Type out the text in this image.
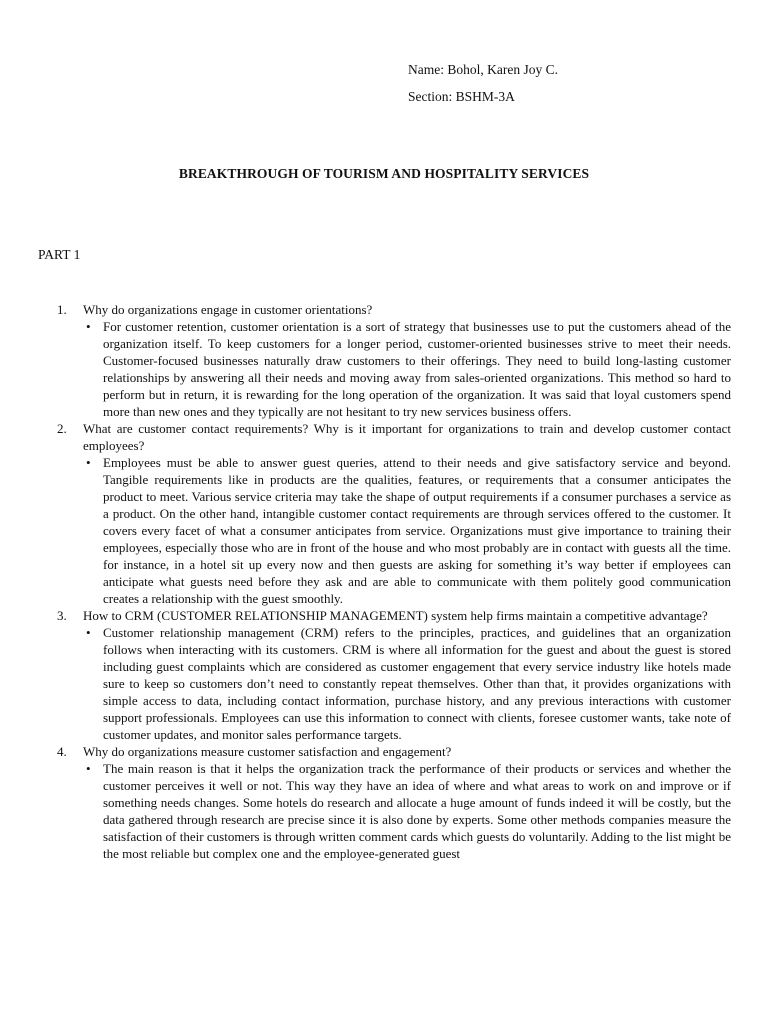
Name: Bohol, Karen Joy C.
Section: BSHM-3A
BREAKTHROUGH OF TOURISM AND HOSPITALITY SERVICES
PART 1
1. Why do organizations engage in customer orientations?
• For customer retention, customer orientation is a sort of strategy that businesses use to put the customers ahead of the organization itself. To keep customers for a longer period, customer-oriented businesses strive to meet their needs. Customer-focused businesses naturally draw customers to their offerings. They need to build long-lasting customer relationships by answering all their needs and moving away from sales-oriented organizations. This method so hard to perform but in return, it is rewarding for the long operation of the organization. It was said that loyal customers spend more than new ones and they typically are not hesitant to try new services business offers.
2. What are customer contact requirements? Why is it important for organizations to train and develop customer contact employees?
• Employees must be able to answer guest queries, attend to their needs and give satisfactory service and beyond. Tangible requirements like in products are the qualities, features, or requirements that a consumer anticipates the product to meet. Various service criteria may take the shape of output requirements if a consumer purchases a service as a product. On the other hand, intangible customer contact requirements are through services offered to the customer. It covers every facet of what a consumer anticipates from service. Organizations must give importance to training their employees, especially those who are in front of the house and who most probably are in contact with guests all the time. for instance, in a hotel sit up every now and then guests are asking for something it’s way better if employees can anticipate what guests need before they ask and are able to communicate with them politely good communication creates a relationship with the guest smoothly.
3. How to CRM (CUSTOMER RELATIONSHIP MANAGEMENT) system help firms maintain a competitive advantage?
• Customer relationship management (CRM) refers to the principles, practices, and guidelines that an organization follows when interacting with its customers. CRM is where all information for the guest and about the guest is stored including guest complaints which are considered as customer engagement that every service industry like hotels made sure to keep so customers don’t need to constantly repeat themselves. Other than that, it provides organizations with simple access to data, including contact information, purchase history, and any previous interactions with customer support professionals. Employees can use this information to connect with clients, foresee customer wants, take note of customer updates, and monitor sales performance targets.
4. Why do organizations measure customer satisfaction and engagement?
• The main reason is that it helps the organization track the performance of their products or services and whether the customer perceives it well or not. This way they have an idea of where and what areas to work on and improve or if something needs changes. Some hotels do research and allocate a huge amount of funds indeed it will be costly, but the data gathered through research are precise since it is also done by experts. Some other methods companies measure the satisfaction of their customers is through written comment cards which guests do voluntarily. Adding to the list might be the most reliable but complex one and the employee-generated guest
